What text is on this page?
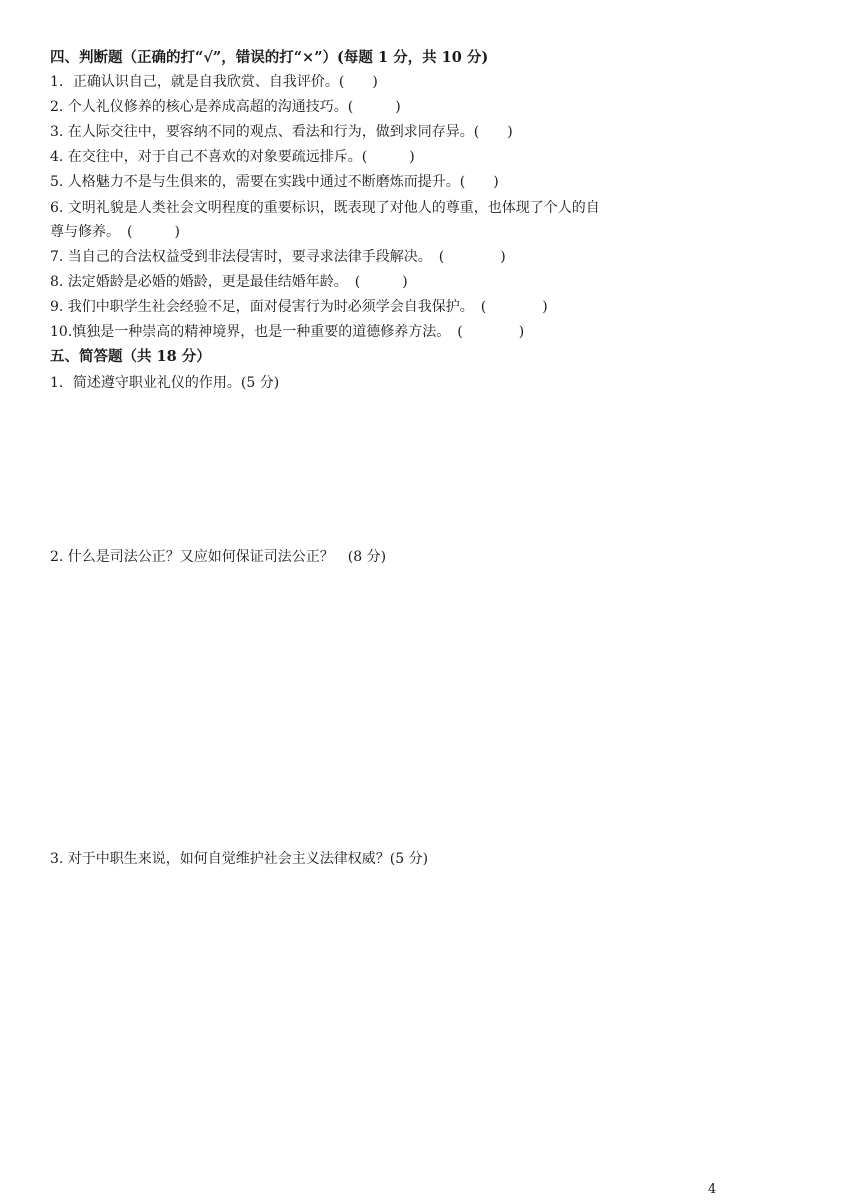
四、判断题（正确的打“√”，错误的打“×”）(每题 1 分，共 10 分)
1．正确认识自己，就是自我欣赏、自我评价。(　　)
2. 个人礼仪修养的核心是养成高超的沟通技巧。(　　　)
3. 在人际交往中，要容纳不同的观点、看法和行为，做到求同存异。(　　)
4. 在交往中，对于自己不喜欢的对象要疏远排斥。(　　　)
5. 人格魅力不是与生俱来的，需要在实践中通过不断磨炼而提升。(　　)
6. 文明礼貌是人类社会文明程度的重要标识，既表现了对他人的尊重，也体现了个人的自
尊与修养。　(　　　)
7. 当自己的合法权益受到非法侵害时，要寻求法律手段解决。　(　　　　)
8. 法定婚龄是必婚的婚龄，更是最佳结婚年龄。　(　　　)
9. 我们中职学生社会经验不足，面对侵害行为时必须学会自我保护。　(　　　　)
10.慎独是一种崇高的精神境界，也是一种重要的道德修养方法。　(　　　　)
五、简答题（共 18 分）
1．简述遵守职业礼仪的作用。(5 分)
2. 什么是司法公正？又应如何保证司法公正？　(8 分)
3. 对于中职生来说，如何自觉维护社会主义法律权威？(5 分)
4
